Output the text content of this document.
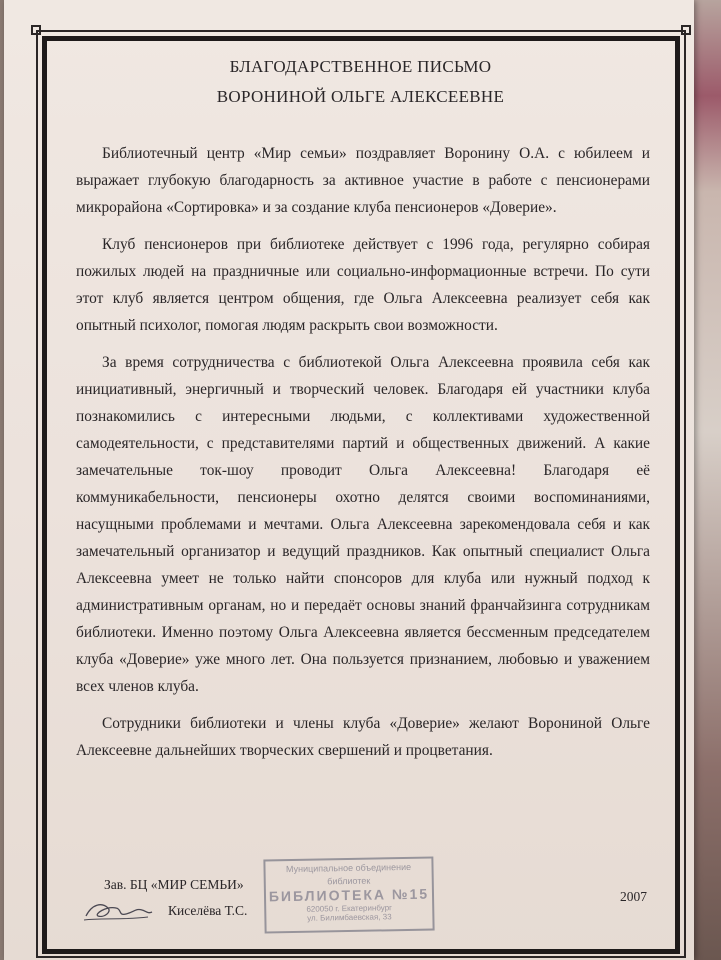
БЛАГОДАРСТВЕННОЕ ПИСЬМО
ВОРОНИНОЙ ОЛЬГЕ АЛЕКСЕЕВНЕ

Библиотечный центр «Мир семьи» поздравляет Воронину О.А. с юбилеем и выражает глубокую благодарность за активное участие в работе с пенсионерами микрорайона «Сортировка» и за создание клуба пенсионеров «Доверие».

Клуб пенсионеров при библиотеке действует с 1996 года, регулярно собирая пожилых людей на праздничные или социально-информационные встречи. По сути этот клуб является центром общения, где Ольга Алексеевна реализует себя как опытный психолог, помогая людям раскрыть свои возможности.

За время сотрудничества с библиотекой Ольга Алексеевна проявила себя как инициативный, энергичный и творческий человек. Благодаря ей участники клуба познакомились с интересными людьми, с коллективами художественной самодеятельности, с представителями партий и общественных движений. А какие замечательные ток-шоу проводит Ольга Алексеевна! Благодаря её коммуникабельности, пенсионеры охотно делятся своими воспоминаниями, насущными проблемами и мечтами. Ольга Алексеевна зарекомендовала себя и как замечательный организатор и ведущий праздников. Как опытный специалист Ольга Алексеевна умеет не только найти спонсоров для клуба или нужный подход к административным органам, но и передаёт основы знаний франчайзинга сотрудникам библиотеки. Именно поэтому Ольга Алексеевна является бессменным председателем клуба «Доверие» уже много лет. Она пользуется признанием, любовью и уважением всех членов клуба.

Сотрудники библиотеки и члены клуба «Доверие» желают Ворониной Ольге Алексеевне дальнейших творческих свершений и процветания.

Зав. БЦ «МИР СЕМЬИ»
Киселёва Т.С.
Муниципальное объединение
библиотек
БИБЛИОТЕКА №15
620050 г. Екатеринбург
ул. Билимбаевская, 33
2007
